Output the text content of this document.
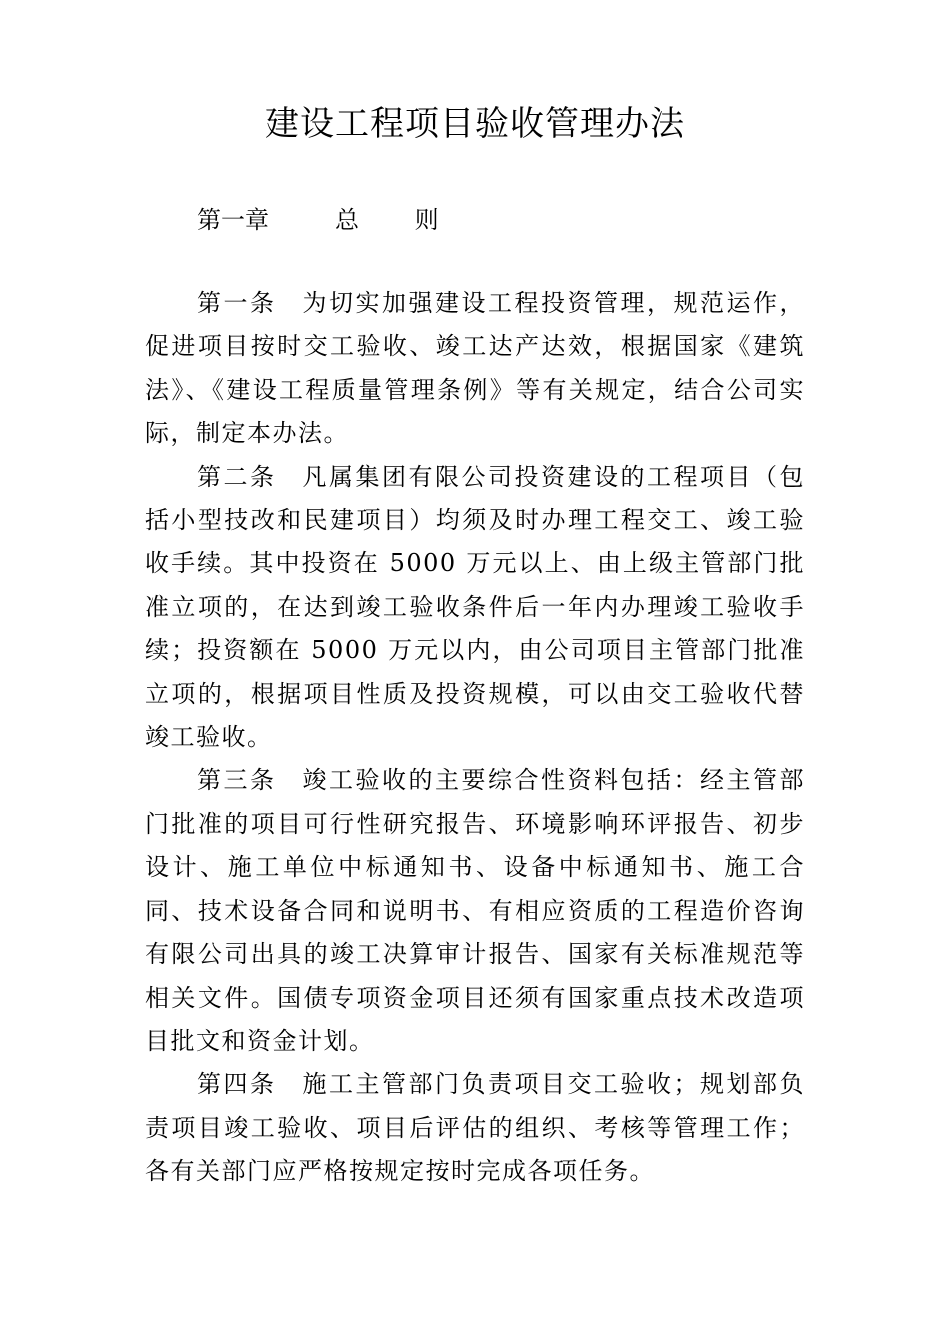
建设工程项目验收管理办法
第一章	总 则

第一条 为切实加强建设工程投资管理，规范运作，促进项目按时交工验收、竣工达产达效，根据国家《建筑法》、《建设工程质量管理条例》等有关规定，结合公司实际，制定本办法。

第二条 凡属集团有限公司投资建设的工程项目（包括小型技改和民建项目）均须及时办理工程交工、竣工验收手续。其中投资在 5000 万元以上、由上级主管部门批准立项的，在达到竣工验收条件后一年内办理竣工验收手续；投资额在 5000 万元以内，由公司项目主管部门批准立项的，根据项目性质及投资规模，可以由交工验收代替竣工验收。

第三条 竣工验收的主要综合性资料包括：经主管部门批准的项目可行性研究报告、环境影响环评报告、初步设计、施工单位中标通知书、设备中标通知书、施工合同、技术设备合同和说明书、有相应资质的工程造价咨询有限公司出具的竣工决算审计报告、国家有关标准规范等相关文件。国债专项资金项目还须有国家重点技术改造项目批文和资金计划。

第四条 施工主管部门负责项目交工验收；规划部负责项目竣工验收、项目后评估的组织、考核等管理工作；各有关部门应严格按规定按时完成各项任务。
